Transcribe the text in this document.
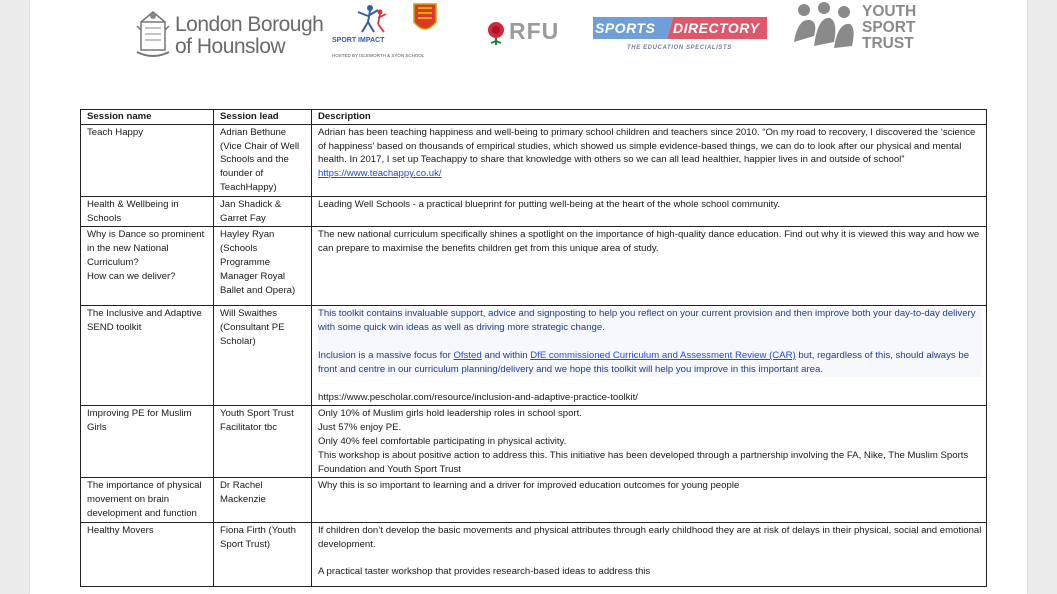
London Borough
of Hounslow	SPORT IMPACT
HOSTED BY ISLEWORTH & SYON SCHOOL
RFU	SPORTS DIRECTORY
THE EDUCATION SPECIALISTS
YOUTH
SPORT
TRUST
Session name	Session lead	Description
Teach Happy	Adrian Bethune (Vice Chair of Well Schools and the founder of TeachHappy)	Adrian has been teaching happiness and well-being to primary school children and teachers since 2010. “On my road to recovery, I discovered the ‘science of happiness’ based on thousands of empirical studies, which showed us simple evidence-based things, we can do to look after our physical and mental health. In 2017, I set up Teachappy to share that knowledge with others so we can all lead healthier, happier lives in and outside of school” https://www.teachappy.co.uk/
Health & Wellbeing in Schools	Jan Shadick & Garret Fay	Leading Well Schools - a practical blueprint for putting well-being at the heart of the whole school community.

Why is Dance so prominent in the new National Curriculum?
How can we deliver?	Hayley Ryan (Schools Programme Manager Royal Ballet and Opera)	The new national curriculum specifically shines a spotlight on the importance of high-quality dance education. Find out why it is viewed this way and how we can prepare to maximise the benefits children get from this unique area of study.
The Inclusive and Adaptive SEND toolkit	Will Swaithes (Consultant PE Scholar)	This toolkit contains invaluable support, advice and signposting to help you reflect on your current provision and then improve both your day-to-day delivery with some quick win ideas as well as driving more strategic change.
Inclusion is a massive focus for Ofsted and within DfE commissioned Curriculum and Assessment Review (CAR) but, regardless of this, should always be front and centre in our curriculum planning/delivery and we hope this toolkit will help you improve in this important area.
https://www.pescholar.com/resource/inclusion-and-adaptive-practice-toolkit/

Improving PE for Muslim Girls	Youth Sport Trust Facilitator tbc	Only 10% of Muslim girls hold leadership roles in school sport.
Just 57% enjoy PE.
Only 40% feel comfortable participating in physical activity.
This workshop is about positive action to address this. This initiative has been developed through a partnership involving the FA, Nike, The Muslim Sports Foundation and Youth Sport Trust

The importance of physical movement on brain development and function	Dr Rachel Mackenzie	Why this is so important to learning and a driver for improved education outcomes for young people
Healthy Movers	Fiona Firth (Youth Sport Trust)	If children don’t develop the basic movements and physical attributes through early childhood they are at risk of delays in their physical, social and emotional development.
A practical taster workshop that provides research-based ideas to address this
